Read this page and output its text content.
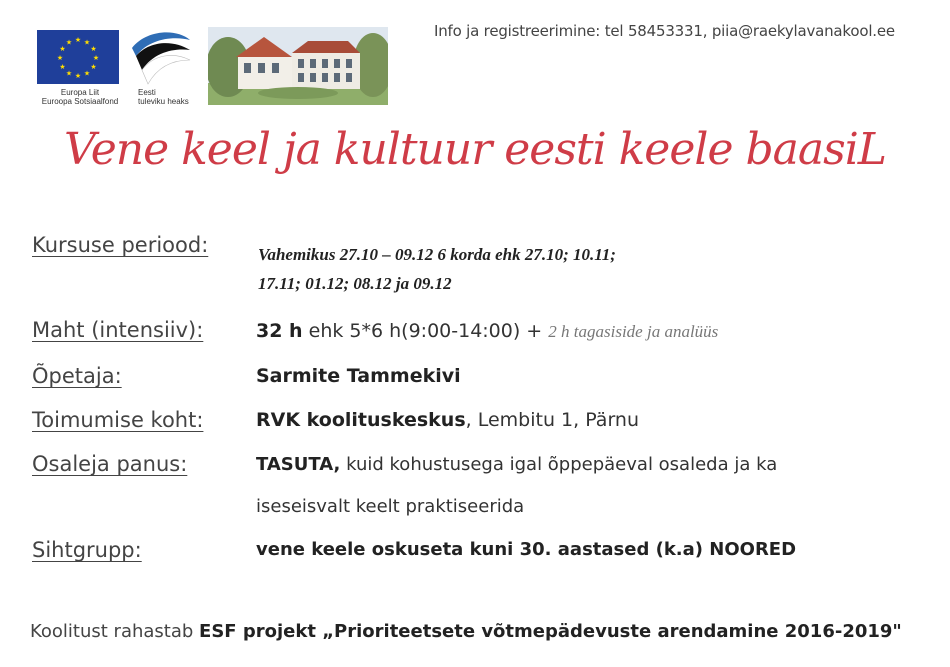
★ ★
★
★
★
★
★
★
★
★
★
★
Europa Liit
Euroopa Sotsiaalfond
Eesti
tuleviku heaks
Info ja registreerimine: tel 58453331, piia@raekylavanakool.ee
Vene keel ja kultuur eesti keele baasiL
Kursuse periood:	Vahemikus 27.10 – 09.12 6 korda ehk 27.10; 10.11;
17.11; 01.12; 08.12 ja 09.12
Maht (intensiiv):	32 h ehk 5*6 h(9:00-14:00) + 2 h tagasiside ja analüüs
Õpetaja:	Sarmite Tammekivi
Toimumise koht:	RVK koolituskeskus, Lembitu 1, Pärnu
Osaleja panus:	TASUTA, kuid kohustusega igal õppepäeval osaleda ja ka
iseseisvalt keelt praktiseerida
Sihtgrupp:	vene keele oskuseta kuni 30. aastased (k.a) NOORED
Koolitust rahastab ESF projekt „Prioriteetsete võtmepädevuste arendamine 2016-2019"
